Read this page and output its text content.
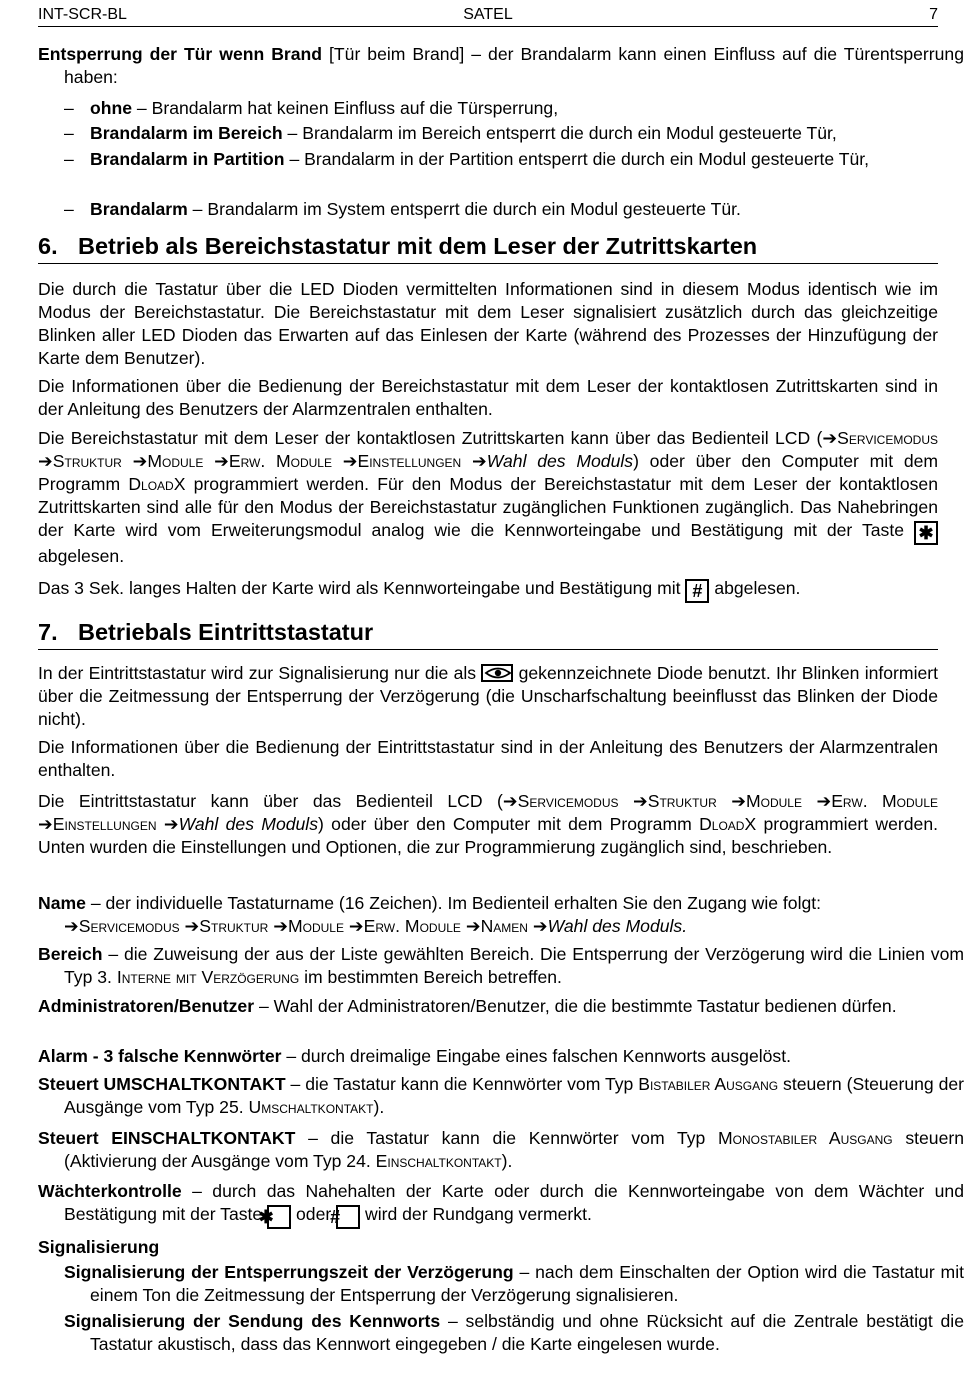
INT-SCR-BL	SATEL	7
Entsperrung der Tür wenn Brand [Tür beim Brand] – der Brandalarm kann einen Einfluss auf die Türentsperrung haben:
– ohne – Brandalarm hat keinen Einfluss auf die Türsperrung,
– Brandalarm im Bereich – Brandalarm im Bereich entsperrt die durch ein Modul gesteuerte Tür,
– Brandalarm in Partition – Brandalarm in der Partition entsperrt die durch ein Modul gesteuerte Tür,
– Brandalarm – Brandalarm im System entsperrt die durch ein Modul gesteuerte Tür.
6. Betrieb als Bereichstastatur mit dem Leser der Zutrittskarten
Die durch die Tastatur über die LED Dioden vermittelten Informationen sind in diesem Modus identisch wie im Modus der Bereichstastatur. Die Bereichstastatur mit dem Leser signalisiert zusätzlich durch das gleichzeitige Blinken aller LED Dioden das Erwarten auf das Einlesen der Karte (während des Prozesses der Hinzufügung der Karte dem Benutzer).
Die Informationen über die Bedienung der Bereichstastatur mit dem Leser der kontaktlosen Zutrittskarten sind in der Anleitung des Benutzers der Alarmzentralen enthalten.
Die Bereichstastatur mit dem Leser der kontaktlosen Zutrittskarten kann über das Bedienteil LCD (➔Servicemodus ➔Struktur ➔Module ➔Erw. Module ➔Einstellungen ➔Wahl des Moduls) oder über den Computer mit dem Programm DloadX programmiert werden. Für den Modus der Bereichstastatur mit dem Leser der kontaktlosen Zutrittskarten sind alle für den Modus der Bereichstastatur zugänglichen Funktionen zugänglich. Das Nahebringen der Karte wird vom Erweiterungsmodul analog wie die Kennworteingabe und Bestätigung mit der Taste ✱ abgelesen.
Das 3 Sek. langes Halten der Karte wird als Kennworteingabe und Bestätigung mit # abgelesen.
7. Betriebals Eintrittstastatur
In der Eintrittstastatur wird zur Signalisierung nur die als gekennzeichnete Diode benutzt. Ihr Blinken informiert über die Zeitmessung der Entsperrung der Verzögerung (die Unscharfschaltung beeinflusst das Blinken der Diode nicht).
Die Informationen über die Bedienung der Eintrittstastatur sind in der Anleitung des Benutzers der Alarmzentralen enthalten.
Die Eintrittstastatur kann über das Bedienteil LCD (➔Servicemodus ➔Struktur ➔Module ➔Erw. Module ➔Einstellungen ➔Wahl des Moduls) oder über den Computer mit dem Programm DloadX programmiert werden. Unten wurden die Einstellungen und Optionen, die zur Programmierung zugänglich sind, beschrieben.
Name – der individuelle Tastaturname (16 Zeichen). Im Bedienteil erhalten Sie den Zugang wie folgt:
➔Servicemodus ➔Struktur ➔Module ➔Erw. Module ➔Namen ➔Wahl des Moduls.
Bereich – die Zuweisung der aus der Liste gewählten Bereich. Die Entsperrung der Verzögerung wird die Linien vom Typ 3. Interne mit Verzögerung im bestimmten Bereich betreffen.
Administratoren/Benutzer – Wahl der Administratoren/Benutzer, die die bestimmte Tastatur bedienen dürfen.
Alarm - 3 falsche Kennwörter – durch dreimalige Eingabe eines falschen Kennworts ausgelöst.
Steuert UMSCHALTKONTAKT – die Tastatur kann die Kennwörter vom Typ Bistabiler Ausgang steuern (Steuerung der Ausgänge vom Typ 25. Umschaltkontakt).
Steuert EINSCHALTKONTAKT – die Tastatur kann die Kennwörter vom Typ Monostabiler Ausgang steuern (Aktivierung der Ausgänge vom Typ 24. Einschaltkontakt).
Wächterkontrolle – durch das Nahehalten der Karte oder durch die Kennworteingabe von dem Wächter und Bestätigung mit der Taste ✱ oder # wird der Rundgang vermerkt.
Signalisierung
Signalisierung der Entsperrungszeit der Verzögerung – nach dem Einschalten der Option wird die Tastatur mit einem Ton die Zeitmessung der Entsperrung der Verzögerung signalisieren.
Signalisierung der Sendung des Kennworts – selbständig und ohne Rücksicht auf die Zentrale bestätigt die Tastatur akustisch, dass das Kennwort eingegeben / die Karte eingelesen wurde.
